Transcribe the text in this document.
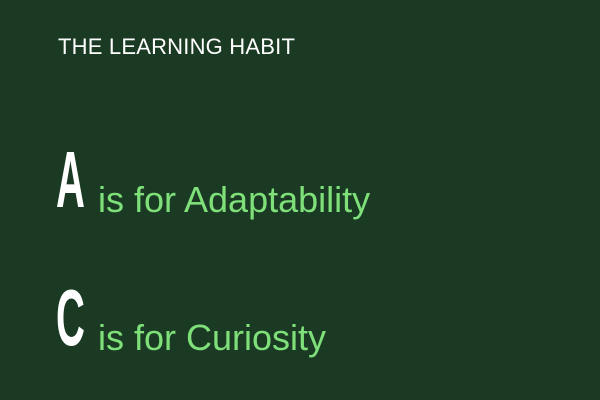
THE LEARNING HABIT
A is for Adaptability
C is for Curiosity
